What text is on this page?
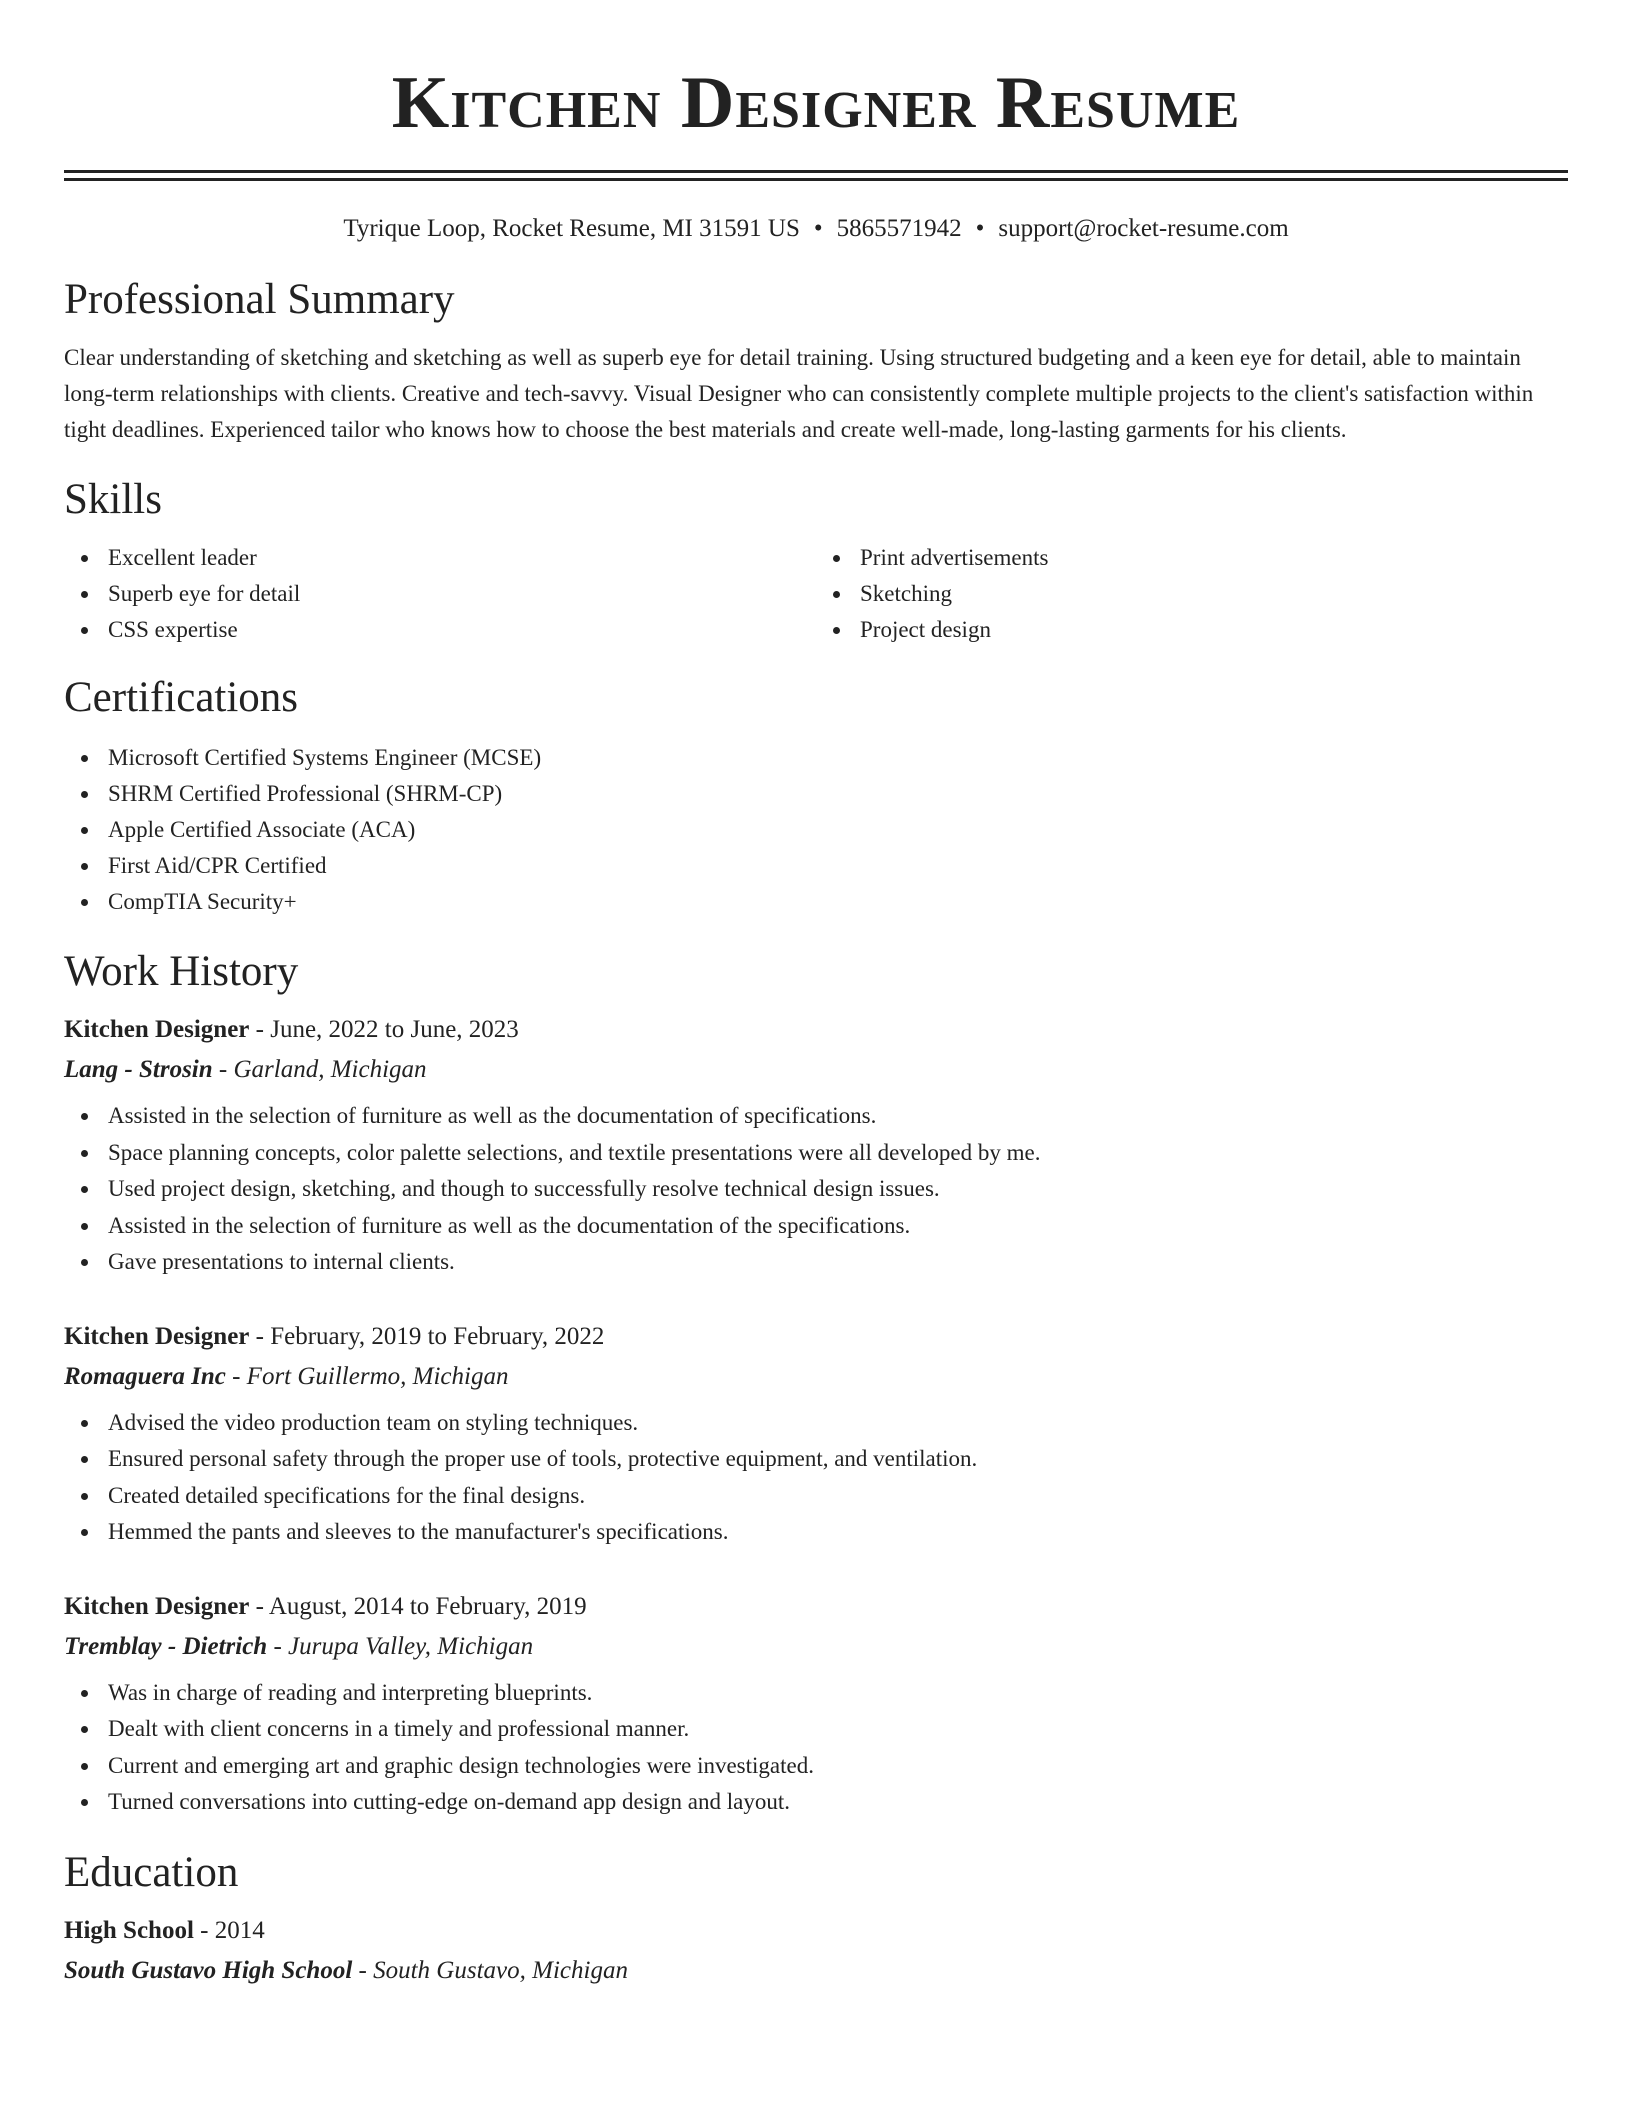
Kitchen Designer Resume
Tyrique Loop, Rocket Resume, MI 31591 US • 5865571942 • support@rocket-resume.com
Professional Summary

Clear understanding of sketching and sketching as well as superb eye for detail training. Using structured budgeting and a keen eye for detail, able to maintain long-term relationships with clients. Creative and tech-savvy. Visual Designer who can consistently complete multiple projects to the client's satisfaction within tight deadlines. Experienced tailor who knows how to choose the best materials and create well-made, long-lasting garments for his clients.

Skills
Excellent leader
Superb eye for detail
CSS expertise
Print advertisements
Sketching
Project design
Certifications
Microsoft Certified Systems Engineer (MCSE)
SHRM Certified Professional (SHRM-CP)
Apple Certified Associate (ACA)
First Aid/CPR Certified
CompTIA Security+
Work History
Kitchen Designer - June, 2022 to June, 2023
Lang - Strosin - Garland, Michigan
Assisted in the selection of furniture as well as the documentation of specifications.
Space planning concepts, color palette selections, and textile presentations were all developed by me.
Used project design, sketching, and though to successfully resolve technical design issues.
Assisted in the selection of furniture as well as the documentation of the specifications.
Gave presentations to internal clients.
Kitchen Designer - February, 2019 to February, 2022
Romaguera Inc - Fort Guillermo, Michigan
Advised the video production team on styling techniques.
Ensured personal safety through the proper use of tools, protective equipment, and ventilation.
Created detailed specifications for the final designs.
Hemmed the pants and sleeves to the manufacturer's specifications.
Kitchen Designer - August, 2014 to February, 2019
Tremblay - Dietrich - Jurupa Valley, Michigan
Was in charge of reading and interpreting blueprints.
Dealt with client concerns in a timely and professional manner.
Current and emerging art and graphic design technologies were investigated.
Turned conversations into cutting-edge on-demand app design and layout.
Education
High School - 2014
South Gustavo High School - South Gustavo, Michigan
